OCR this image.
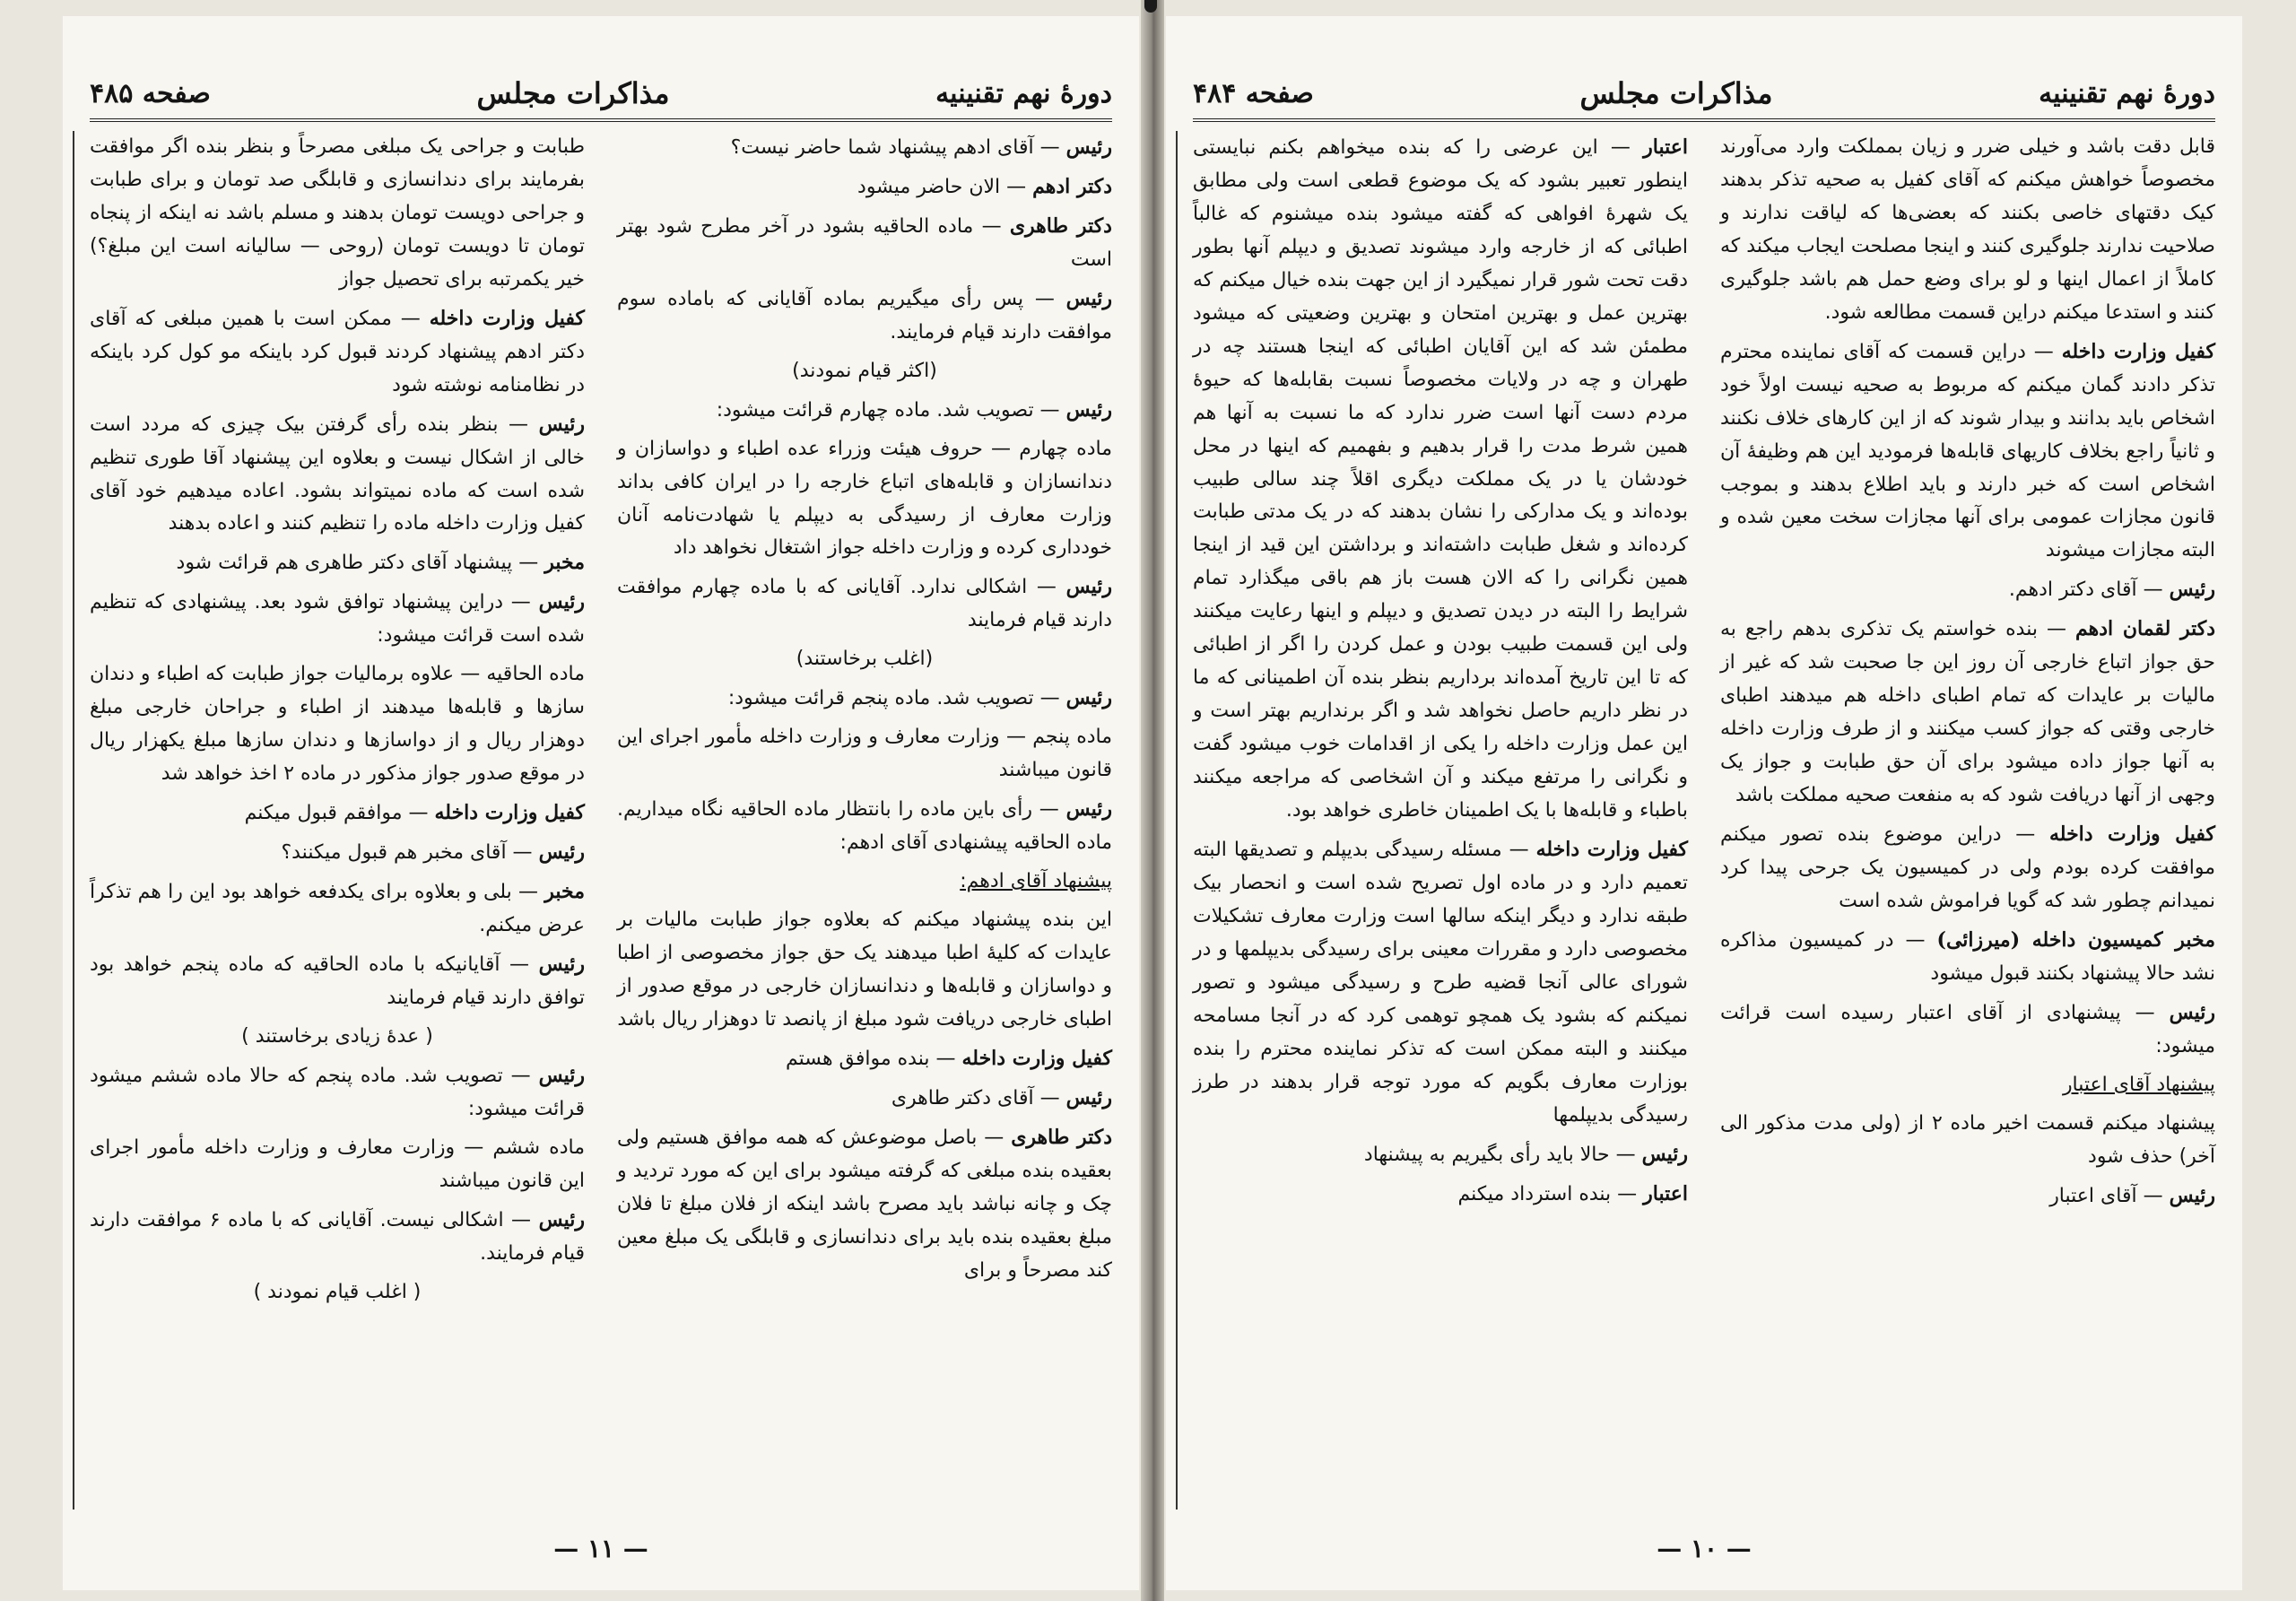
دورهٔ نهم تقنینیه
مذاکرات مجلس
صفحه ۴۸۵

رئیس — آقای ادهم پیشنهاد شما حاضر نیست؟

دکتر ادهم — الان حاضر میشود

دکتر طاهری — ماده الحاقیه بشود در آخر مطرح شود بهتر است

رئیس — پس رأی میگیریم بماده آقایانی که باماده سوم موافقت دارند قیام فرمایند.

(اکثر قیام نمودند)

رئیس — تصویب شد. ماده چهارم قرائت میشود:

ماده چهارم — حروف هیئت وزراء عده اطباء و دواسازان و دندانسازان و قابله‌های اتباع خارجه را در ایران کافی بداند وزارت معارف از رسیدگی به دیپلم یا شهادت‌نامه آنان خودداری کرده و وزارت داخله جواز اشتغال نخواهد داد

رئیس — اشکالی ندارد. آقایانی که با ماده چهارم موافقت دارند قیام فرمایند

(اغلب برخاستند)

رئیس — تصویب شد. ماده پنجم قرائت میشود:

ماده پنجم — وزارت معارف و وزارت داخله مأمور اجرای این قانون میباشند

رئیس — رأی باین ماده را بانتظار ماده الحاقیه نگاه میداریم. ماده الحاقیه پیشنهادی آقای ادهم:

پیشنهاد آقای ادهم:

این بنده پیشنهاد میکنم که بعلاوه جواز طبابت مالیات بر عایدات که کلیهٔ اطبا میدهند یک حق جواز مخصوصی از اطبا و دواسازان و قابله‌ها و دندانسازان خارجی در موقع صدور از اطبای خارجی دریافت شود مبلغ از پانصد تا دوهزار ریال باشد

کفیل وزارت داخله — بنده موافق هستم

رئیس — آقای دکتر طاهری

دکتر طاهری — باصل موضوعش که همه موافق هستیم ولی بعقیده بنده مبلغی که گرفته میشود برای این که مورد تردید و چک و چانه نباشد باید مصرح باشد اینکه از فلان مبلغ تا فلان مبلغ بعقیده بنده باید برای دندانسازی و قابلگی یک مبلغ معین کند مصرحاً و برای

طبابت و جراحی یک مبلغی مصرحاً و بنظر بنده اگر موافقت بفرمایند برای دندانسازی و قابلگی صد تومان و برای طبابت و جراحی دویست تومان بدهند و مسلم باشد نه اینکه از پنجاه تومان تا دویست تومان (روحی — سالیانه است این مبلغ؟) خیر یکمرتبه برای تحصیل جواز

کفیل وزارت داخله — ممکن است با همین مبلغی که آقای دکتر ادهم پیشنهاد کردند قبول کرد باینکه مو کول کرد باینکه در نظامنامه نوشته شود

رئیس — بنظر بنده رأی گرفتن بیک چیزی که مردد است خالی از اشکال نیست و بعلاوه این پیشنهاد آقا طوری تنظیم شده است که ماده نمیتواند بشود. اعاده میدهیم خود آقای کفیل وزارت داخله ماده را تنظیم کنند و اعاده بدهند

مخبر — پیشنهاد آقای دکتر طاهری هم قرائت شود

رئیس — دراین پیشنهاد توافق شود بعد. پیشنهادی که تنظیم شده است قرائت میشود:

ماده الحاقیه — علاوه برمالیات جواز طبابت که اطباء و دندان سازها و قابله‌ها میدهند از اطباء و جراحان خارجی مبلغ دوهزار ریال و از دواسازها و دندان سازها مبلغ یکهزار ریال در موقع صدور جواز مذکور در ماده ۲ اخذ خواهد شد

کفیل وزارت داخله — موافقم قبول میکنم

رئیس — آقای مخبر هم قبول میکنند؟

مخبر — بلی و بعلاوه برای یکدفعه خواهد بود این را هم تذکراً عرض میکنم.

رئیس — آقایانیکه با ماده الحاقیه که ماده پنجم خواهد بود توافق دارند قیام فرمایند

( عدهٔ زیادی برخاستند )

رئیس — تصویب شد. ماده پنجم که حالا ماده ششم میشود قرائت میشود:

ماده ششم — وزارت معارف و وزارت داخله مأمور اجرای این قانون میباشند

رئیس — اشکالی نیست. آقایانی که با ماده ۶ موافقت دارند قیام فرمایند.

( اغلب قیام نمودند )

— ۱۱ —
دورهٔ نهم تقنینیه
مذاکرات مجلس
صفحه ۴۸۴

قابل دقت باشد و خیلی ضرر و زیان بمملکت وارد می‌آورند مخصوصاً خواهش میکنم که آقای کفیل به صحیه تذکر بدهند کیک دقتهای خاصی بکنند که بعضی‌ها که لیاقت ندارند و صلاحیت ندارند جلوگیری کنند و اینجا مصلحت ایجاب میکند که کاملاً از اعمال اینها و لو برای وضع حمل هم باشد جلوگیری کنند و استدعا میکنم دراین قسمت مطالعه شود.

کفیل وزارت داخله — دراین قسمت که آقای نماینده محترم تذکر دادند گمان میکنم که مربوط به صحیه نیست اولاً خود اشخاص باید بدانند و بیدار شوند که از این کارهای خلاف نکنند و ثانیاً راجع بخلاف کاریهای قابله‌ها فرمودید این هم وظیفهٔ آن اشخاص است که خبر دارند و باید اطلاع بدهند و بموجب قانون مجازات عمومی برای آنها مجازات سخت معین شده و البته مجازات میشوند

رئیس — آقای دکتر ادهم.

دکتر لقمان ادهم — بنده خواستم یک تذکری بدهم راجع به حق جواز اتباع خارجی آن روز این جا صحبت شد که غیر از مالیات بر عایدات که تمام اطبای داخله هم میدهند اطبای خارجی وقتی که جواز کسب میکنند و از طرف وزارت داخله به آنها جواز داده میشود برای آن حق طبابت و جواز یک وجهی از آنها دریافت شود که به منفعت صحیه مملکت باشد

کفیل وزارت داخله — دراین موضوع بنده تصور میکنم موافقت کرده بودم ولی در کمیسیون یک جرحی پیدا کرد نمیدانم چطور شد که گویا فراموش شده است

مخبر کمیسیون داخله (میرزائی) — در کمیسیون مذاکره نشد حالا پیشنهاد بکنند قبول میشود

رئیس — پیشنهادی از آقای اعتبار رسیده است قرائت میشود:

پیشنهاد آقای اعتبار

پیشنهاد میکنم قسمت اخیر ماده ۲ از (ولی مدت مذکور الی آخر) حذف شود

رئیس — آقای اعتبار

اعتبار — این عرضی را که بنده میخواهم بکنم نبایستی اینطور تعبیر بشود که یک موضوع قطعی است ولی مطابق یک شهرهٔ افواهی که گفته میشود بنده میشنوم که غالباً اطبائی که از خارجه وارد میشوند تصدیق و دیپلم آنها بطور دقت تحت شور قرار نمیگیرد از این جهت بنده خیال میکنم که بهترین عمل و بهترین امتحان و بهترین وضعیتی که میشود مطمئن شد که این آقایان اطبائی که اینجا هستند چه در طهران و چه در ولایات مخصوصاً نسبت بقابله‌ها که حیوهٔ مردم دست آنها است ضرر ندارد که ما نسبت به آنها هم همین شرط مدت را قرار بدهیم و بفهمیم که اینها در محل خودشان یا در یک مملکت دیگری اقلاً چند سالی طبیب بوده‌اند و یک مدارکی را نشان بدهند که در یک مدتی طبابت کرده‌اند و شغل طبابت داشته‌اند و برداشتن این قید از اینجا همین نگرانی را که الان هست باز هم باقی میگذارد تمام شرایط را البته در دیدن تصدیق و دیپلم و اینها رعایت میکنند ولی این قسمت طبیب بودن و عمل کردن را اگر از اطبائی که تا این تاریخ آمده‌اند برداریم بنظر بنده آن اطمینانی که ما در نظر داریم حاصل نخواهد شد و اگر برنداریم بهتر است و این عمل وزارت داخله را یکی از اقدامات خوب میشود گفت و نگرانی را مرتفع میکند و آن اشخاصی که مراجعه میکنند باطباء و قابله‌ها با یک اطمینان خاطری خواهد بود.

کفیل وزارت داخله — مسئله رسیدگی بدیپلم و تصدیقها البته تعمیم دارد و در ماده اول تصریح شده است و انحصار بیک طبقه ندارد و دیگر اینکه سالها است وزارت معارف تشکیلات مخصوصی دارد و مقررات معینی برای رسیدگی بدیپلمها و در شورای عالی آنجا قضیه طرح و رسیدگی میشود و تصور نمیکنم که بشود یک همچو توهمی کرد که در آنجا مسامحه میکنند و البته ممکن است که تذکر نماینده محترم را بنده بوزارت معارف بگویم که مورد توجه قرار بدهند در طرز رسیدگی بدیپلمها

رئیس — حالا باید رأی بگیریم به پیشنهاد

اعتبار — بنده استرداد میکنم

— ۱۰ —
